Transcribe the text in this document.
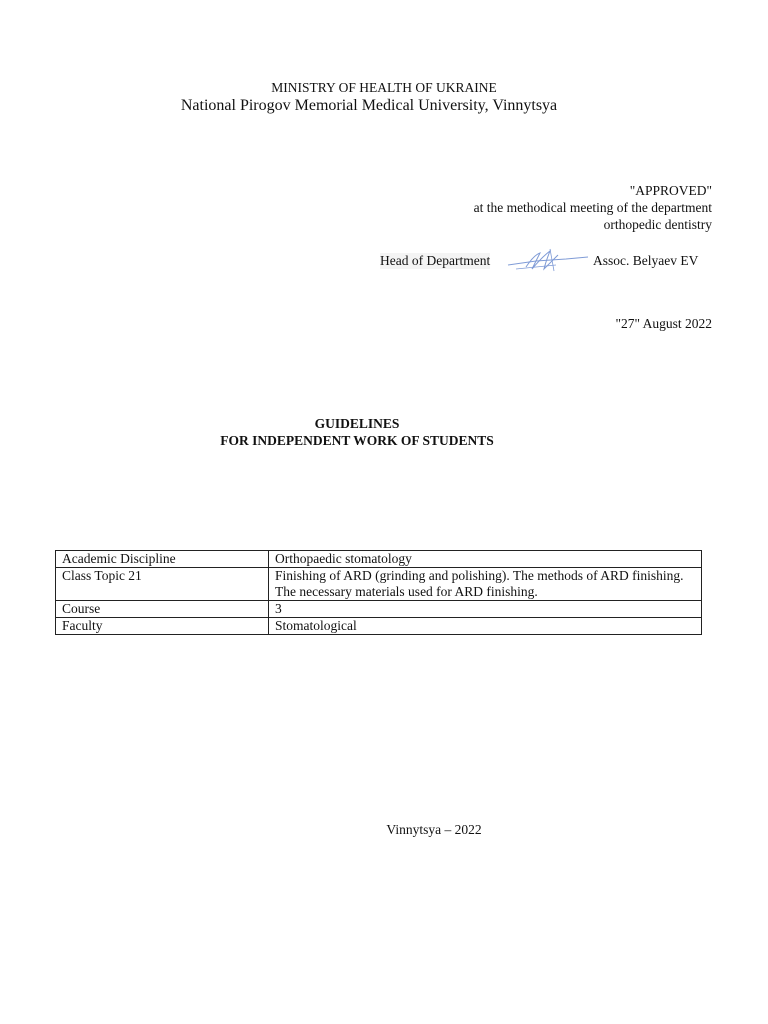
MINISTRY OF HEALTH OF UKRAINE
National Pirogov Memorial Medical University, Vinnytsya
"APPROVED"
at the methodical meeting of the department
orthopedic dentistry
Head of Department	Assoc. Belyaev EV
"27" August 2022
GUIDELINES
FOR INDEPENDENT WORK OF STUDENTS
Academic Discipline	Orthopaedic stomatology
Class Topic 21	Finishing of ARD (grinding and polishing). The methods of ARD finishing. The necessary materials used for ARD finishing.
Course	3
Faculty	Stomatological
Vinnytsya – 2022
